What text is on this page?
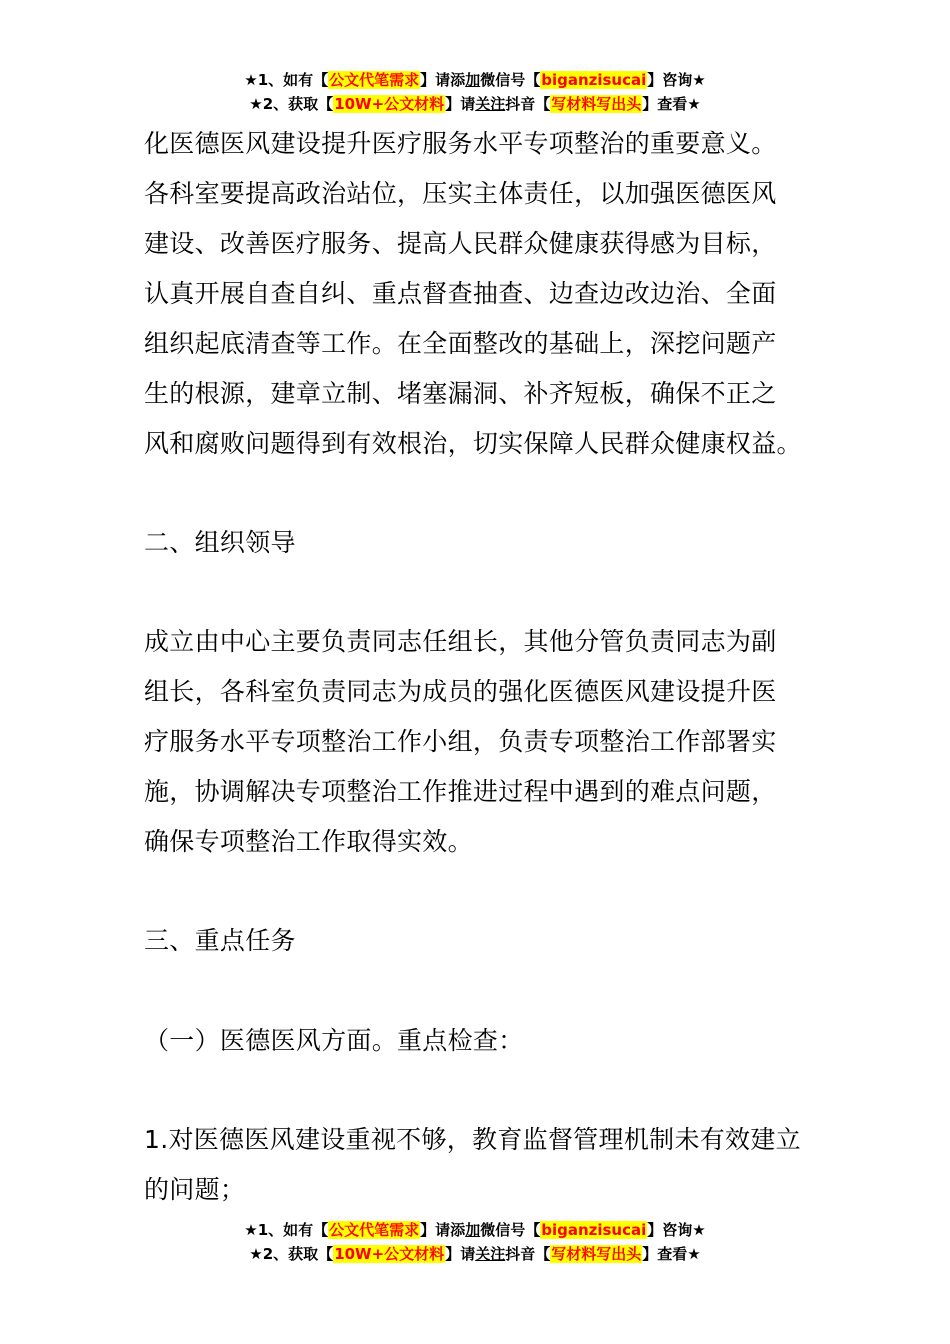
★1、如有【公文代笔需求】请添加微信号【biganzisucai】咨询★
★2、获取【10W+公文材料】请关注抖音【写材料写出头】查看★
化医德医风建设提升医疗服务水平专项整治的重要意义。
各科室要提高政治站位，压实主体责任，以加强医德医风
建设、改善医疗服务、提高人民群众健康获得感为目标，
认真开展自查自纠、重点督查抽查、边查边改边治、全面
组织起底清查等工作。在全面整改的基础上，深挖问题产
生的根源，建章立制、堵塞漏洞、补齐短板，确保不正之
风和腐败问题得到有效根治，切实保障人民群众健康权益。
二、组织领导
成立由中心主要负责同志任组长，其他分管负责同志为副
组长，各科室负责同志为成员的强化医德医风建设提升医
疗服务水平专项整治工作小组，负责专项整治工作部署实
施，协调解决专项整治工作推进过程中遇到的难点问题，
确保专项整治工作取得实效。
三、重点任务
（一）医德医风方面。重点检查：
1.对医德医风建设重视不够，教育监督管理机制未有效建立
的问题；
★1、如有【公文代笔需求】请添加微信号【biganzisucai】咨询★
★2、获取【10W+公文材料】请关注抖音【写材料写出头】查看★
